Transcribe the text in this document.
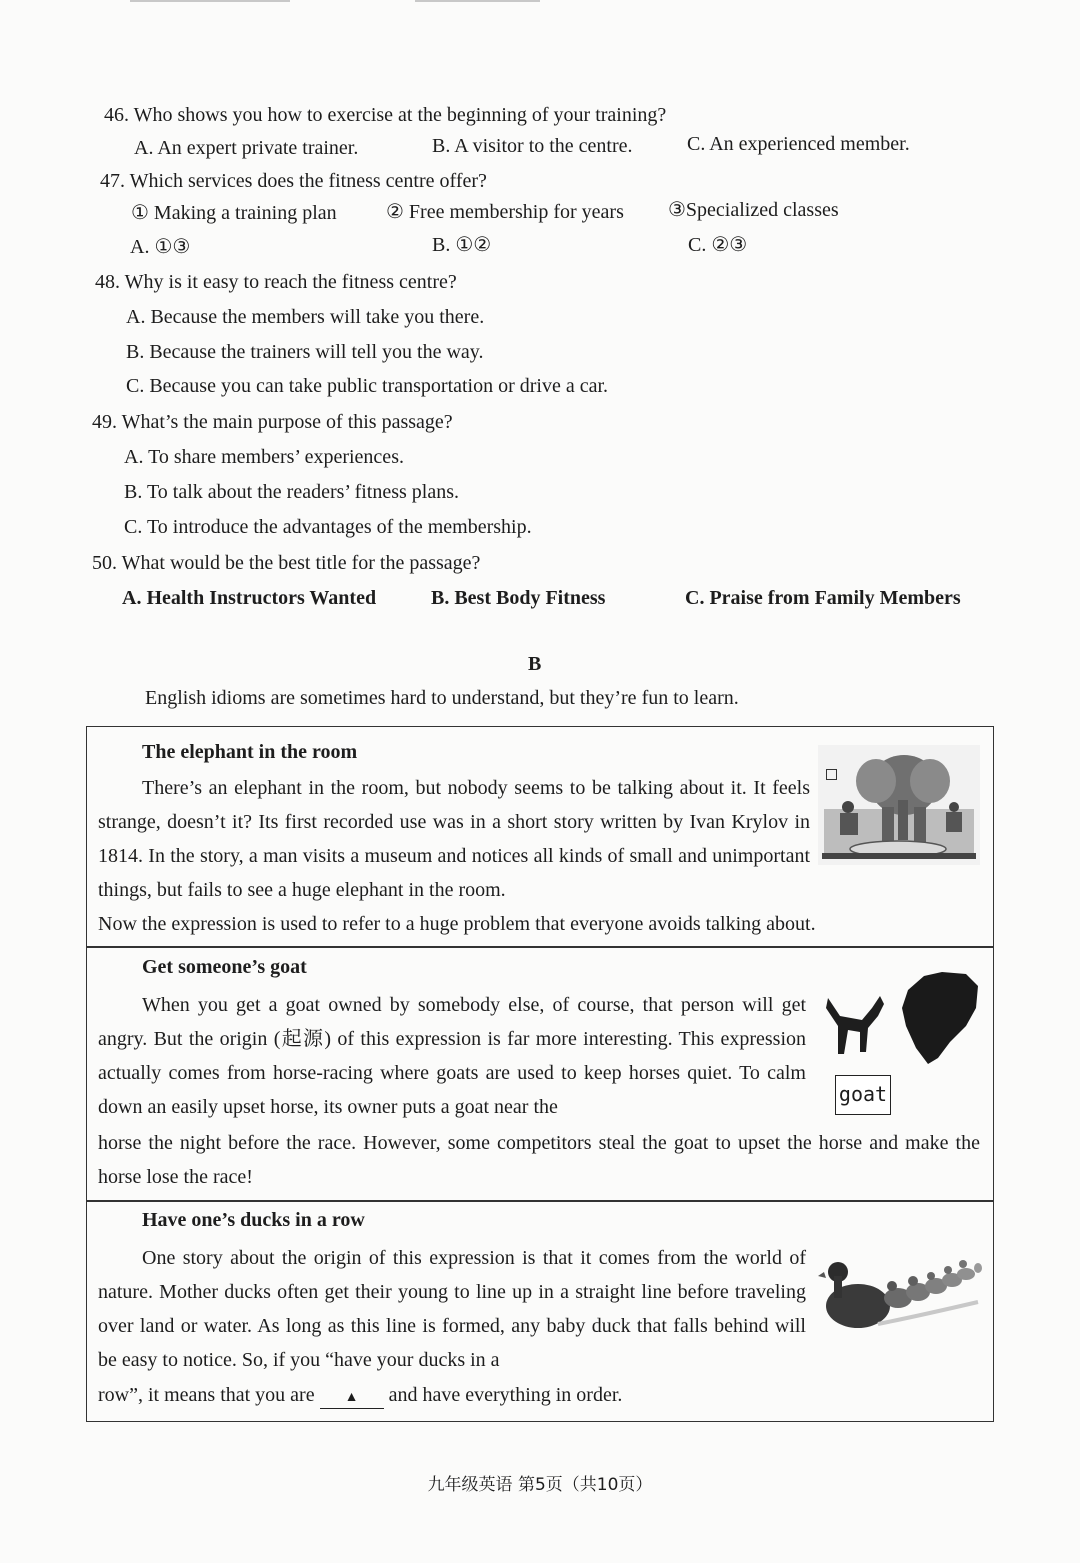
46. Who shows you how to exercise at the beginning of your training?
A. An expert private trainer.	B. A visitor to the centre.	C. An experienced member.
47. Which services does the fitness centre offer?
① Making a training plan ② Free membership for years ③Specialized classes
A. ①③	B. ①②	C. ②③
48. Why is it easy to reach the fitness centre?
A. Because the members will take you there.
B. Because the trainers will tell you the way.
C. Because you can take public transportation or drive a car.
49. What’s the main purpose of this passage?
A. To share members’ experiences.
B. To talk about the readers’ fitness plans.
C. To introduce the advantages of the membership.
50. What would be the best title for the passage?
A. Health Instructors Wanted	B. Best Body Fitness	C. Praise from Family Members
B
English idioms are sometimes hard to understand, but they’re fun to learn.
The elephant in the room
There’s an elephant in the room, but nobody seems to be talking about it. It feels strange, doesn’t it? Its first recorded use was in a short story written by Ivan Krylov in 1814. In the story, a man visits a museum and notices all kinds of small and unimportant things, but fails to see a huge elephant in the room.
Now the expression is used to refer to a huge problem that everyone avoids talking about.
Get someone’s goat
When you get a goat owned by somebody else, of course, that person will get angry. But the origin (起源) of this expression is far more interesting. This expression actually comes from horse-racing where goats are used to keep horses quiet. To calm down an easily upset horse, its owner puts a goat near the
horse the night before the race. However, some competitors steal the goat to upset the horse and make the horse lose the race!
goat
Have one’s ducks in a row
One story about the origin of this expression is that it comes from the world of nature. Mother ducks often get their young to line up in a straight line before traveling over land or water. As long as this line is formed, any baby duck that falls behind will be easy to notice. So, if you “have your ducks in a
row”, it means that you are ▲ and have everything in order.
九年级英语 第5页（共10页）
